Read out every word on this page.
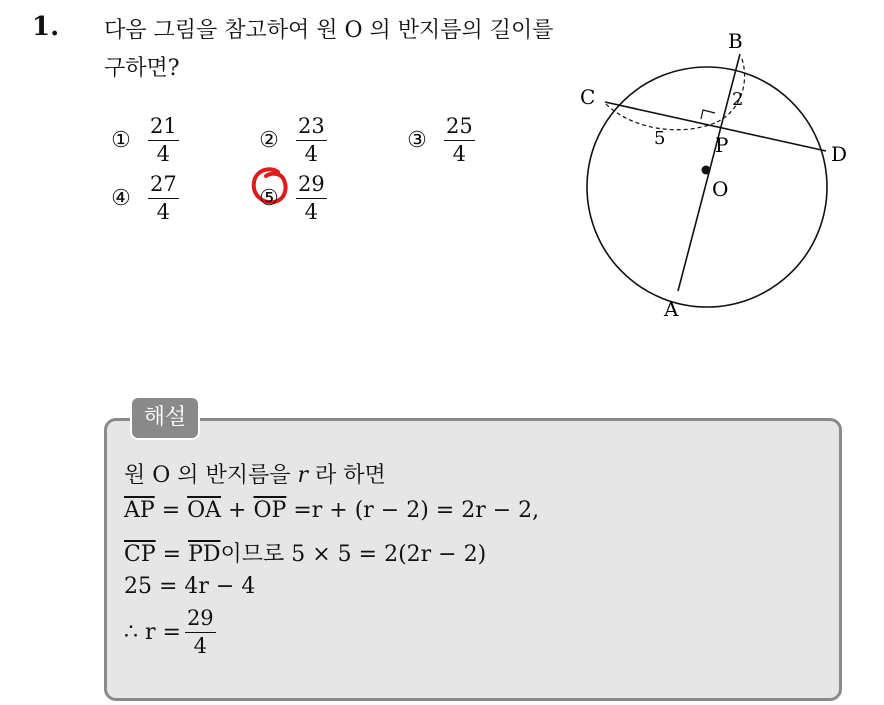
1. 다음 그림을 참고하여 원 O 의 반지름의 길이를 구하면?
① $\frac{21}{4}$	② $\frac{23}{4}$	③ $\frac{25}{4}$
④ $\frac{27}{4}$	⑤ $\frac{29}{4}$
B
C
D
P
O
A
5
2
해설
원 O 의 반지름을 r 라 하면
$\overline{AP} = \overline{OA} + \overline{OP} =r + (r - 2) = 2r - 2$,
$\overline{CP} = \overline{PD}$이므로 5 × 5 = 2(2r − 2)
25 = 4r − 4
∴ $r = \frac{29}{4}$
